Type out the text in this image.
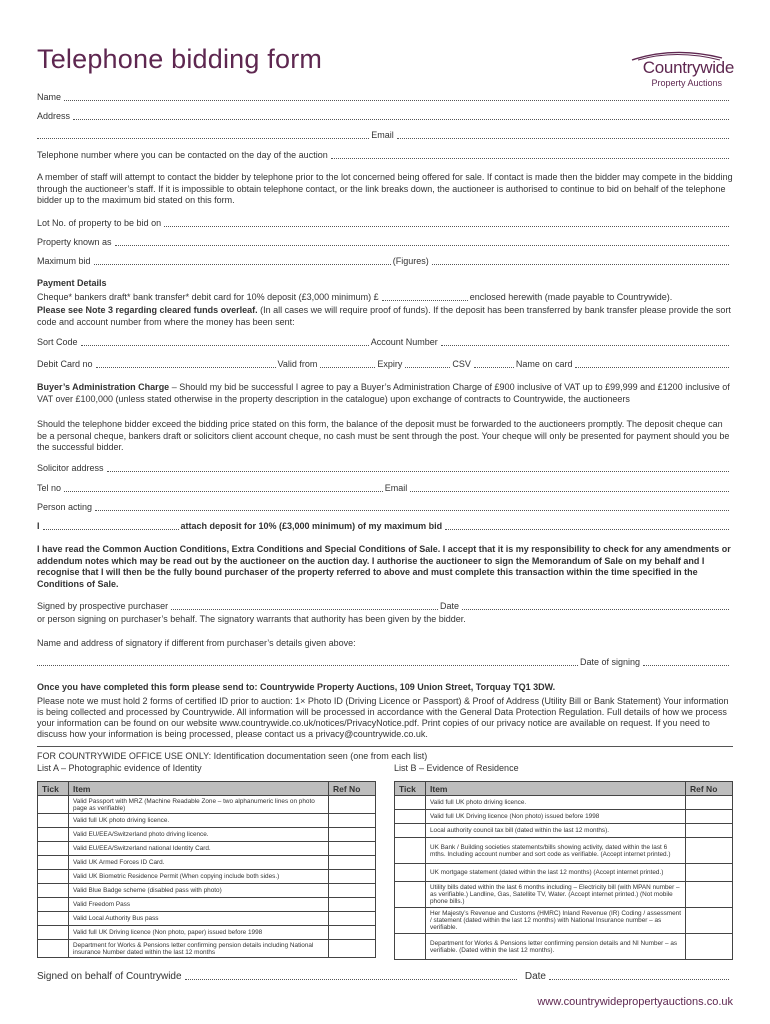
Telephone bidding form	Countrywide
Property Auctions
Name
Address
Email
Telephone number where you can be contacted on the day of the auction
A member of staff will attempt to contact the bidder by telephone prior to the lot concerned being offered for sale. If contact is made then the bidder may compete in the bidding through the auctioneer’s staff. If it is impossible to obtain telephone contact, or the link breaks down, the auctioneer is authorised to continue to bid on behalf of the telephone bidder up to the maximum bid stated on this form.
Lot No. of property to be bid on
Property known as
Maximum bid	(Figures)
Payment Details
Cheque* bankers draft* bank transfer* debit card for 10% deposit (£3,000 minimum) £	enclosed herewith (made payable to Countrywide).
Please see Note 3 regarding cleared funds overleaf. (In all cases we will require proof of funds). If the deposit has been transferred by bank transfer please provide the sort code and account number from where the money has been sent:
Sort Code	Account Number
Debit Card no	Valid from	Expiry	CSV	Name on card
Buyer’s Administration Charge – Should my bid be successful I agree to pay a Buyer’s Administration Charge of £900 inclusive of VAT up to £99,999 and £1200 inclusive of VAT over £100,000 (unless stated otherwise in the property description in the catalogue) upon exchange of contracts to Countrywide, the auctioneers
Should the telephone bidder exceed the bidding price stated on this form, the balance of the deposit must be forwarded to the auctioneers promptly. The deposit cheque can be a personal cheque, bankers draft or solicitors client account cheque, no cash must be sent through the post. Your cheque will only be presented for payment should you be the successful bidder.
Solicitor address
Tel no	Email
Person acting
I	attach deposit for 10% (£3,000 minimum) of my maximum bid
I have read the Common Auction Conditions, Extra Conditions and Special Conditions of Sale. I accept that it is my responsibility to check for any amendments or addendum notes which may be read out by the auctioneer on the auction day. I authorise the auctioneer to sign the Memorandum of Sale on my behalf and I recognise that I will then be the fully bound purchaser of the property referred to above and must complete this transaction within the time specified in the Conditions of Sale.
Signed by prospective purchaser	Date
or person signing on purchaser’s behalf. The signatory warrants that authority has been given by the bidder.
Name and address of signatory if different from purchaser’s details given above:
Date of signing
Once you have completed this form please send to: Countrywide Property Auctions, 109 Union Street, Torquay TQ1 3DW.
Please note we must hold 2 forms of certified ID prior to auction: 1× Photo ID (Driving Licence or Passport) & Proof of Address (Utility Bill or Bank Statement) Your information is being collected and processed by Countrywide. All information will be processed in accordance with the General Data Protection Regulation. Full details of how we process your information can be found on our website www.countrywide.co.uk/notices/PrivacyNotice.pdf. Print copies of our privacy notice are available on request. If you need to discuss how your information is being processed, please contact us a privacy@countrywide.co.uk.
FOR COUNTRYWIDE OFFICE USE ONLY: Identification documentation seen (one from each list)
List A – Photographic evidence of Identity	List B – Evidence of Residence
Tick	Item	Ref No
	Valid Passport with MRZ (Machine Readable Zone – two alphanumeric lines on photo page as verifiable)	
	Valid full UK photo driving licence.	
	Valid EU/EEA/Switzerland photo driving licence.	
	Valid EU/EEA/Switzerland national Identity Card.	
	Valid UK Armed Forces ID Card.	
	Valid UK Biometric Residence Permit (When copying include both sides.)	
	Valid Blue Badge scheme (disabled pass with photo)	
	Valid Freedom Pass	
	Valid Local Authority Bus pass	
	Valid full UK Driving licence (Non photo, paper) issued before 1998	
	Department for Works & Pensions letter confirming pension details including National insurance Number dated within the last 12 months	
Tick	Item	Ref No
	Valid full UK photo driving licence.	
	Valid full UK Driving licence (Non photo) issued before 1998	
	Local authority council tax bill (dated within the last 12 months).	
	UK Bank / Building societies statements/bills showing activity, dated within the last 6 mths. Including account number and sort code as verifiable. (Accept internet printed.)	
	UK mortgage statement (dated within the last 12 months) (Accept internet printed.)	
	Utility bills dated within the last 6 months including – Electricity bill (with MPAN number – as verifiable.) Landline, Gas, Satellite TV, Water. (Accept internet printed.) (Not mobile phone bills.)	
	Her Majesty’s Revenue and Customs (HMRC) Inland Revenue (IR) Coding / assessment / statement (dated within the last 12 months) with National Insurance number – as verifiable.	
	Department for Works & Pensions letter confirming pension details and NI Number – as verifiable. (Dated within the last 12 months).	
Signed on behalf of Countrywide	Date
www.countrywidepropertyauctions.co.uk
